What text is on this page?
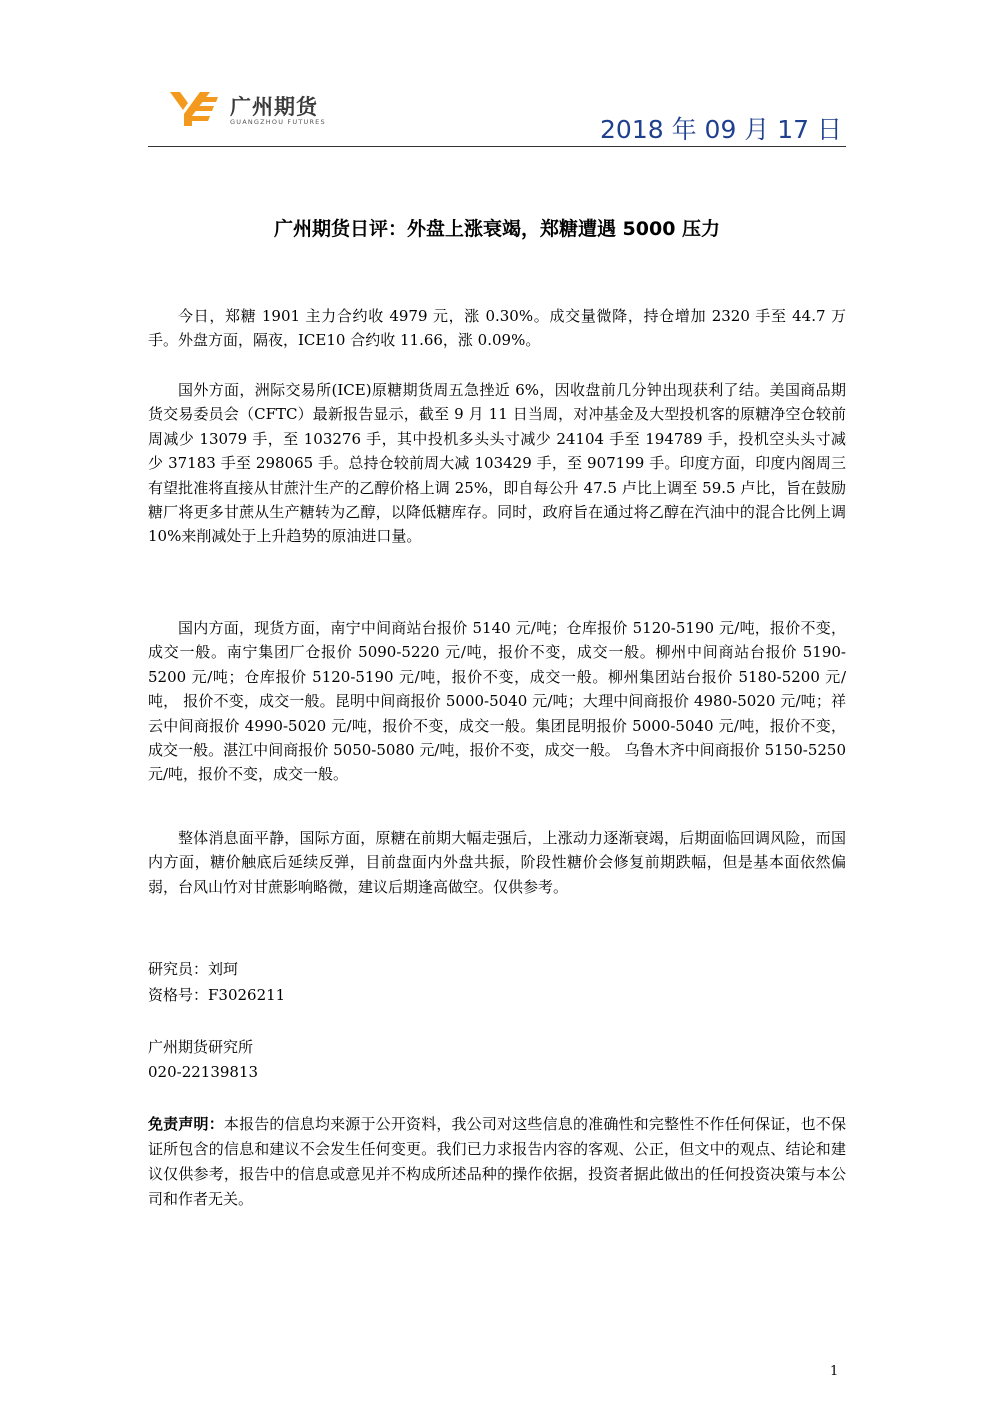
广州期货
GUANGZHOU FUTURES	2018 年 09 月 17 日
广州期货日评：外盘上涨衰竭，郑糖遭遇 5000 压力

今日，郑糖 1901 主力合约收 4979 元，涨 0.30%。成交量微降，持仓增加 2320 手至 44.7 万手。外盘方面，隔夜，ICE10 合约收 11.66，涨 0.09%。

国外方面，洲际交易所(ICE)原糖期货周五急挫近 6%，因收盘前几分钟出现获利了结。美国商品期货交易委员会（CFTC）最新报告显示，截至 9 月 11 日当周，对冲基金及大型投机客的原糖净空仓较前周减少 13079 手，至 103276 手，其中投机多头头寸减少 24104 手至 194789 手，投机空头头寸减少 37183 手至 298065 手。总持仓较前周大减 103429 手，至 907199 手。印度方面，印度内阁周三有望批准将直接从甘蔗汁生产的乙醇价格上调 25%，即自每公升 47.5 卢比上调至 59.5 卢比，旨在鼓励糖厂将更多甘蔗从生产糖转为乙醇，以降低糖库存。同时，政府旨在通过将乙醇在汽油中的混合比例上调 10%来削减处于上升趋势的原油进口量。

国内方面，现货方面，南宁中间商站台报价 5140 元/吨；仓库报价 5120-5190 元/吨，报价不变，成交一般。南宁集团厂仓报价 5090-5220 元/吨，报价不变，成交一般。柳州中间商站台报价 5190-5200 元/吨；仓库报价 5120-5190 元/吨，报价不变，成交一般。柳州集团站台报价 5180-5200 元/吨， 报价不变，成交一般。昆明中间商报价 5000-5040 元/吨；大理中间商报价 4980-5020 元/吨；祥云中间商报价 4990-5020 元/吨，报价不变，成交一般。集团昆明报价 5000-5040 元/吨，报价不变，成交一般。湛江中间商报价 5050-5080 元/吨，报价不变，成交一般。 乌鲁木齐中间商报价 5150-5250 元/吨，报价不变，成交一般。

整体消息面平静，国际方面，原糖在前期大幅走强后，上涨动力逐渐衰竭，后期面临回调风险，而国内方面，糖价触底后延续反弹，目前盘面内外盘共振，阶段性糖价会修复前期跌幅，但是基本面依然偏弱，台风山竹对甘蔗影响略微，建议后期逢高做空。仅供参考。

研究员：刘珂
资格号：F3026211
广州期货研究所
020-22139813

免责声明：本报告的信息均来源于公开资料，我公司对这些信息的准确性和完整性不作任何保证，也不保证所包含的信息和建议不会发生任何变更。我们已力求报告内容的客观、公正，但文中的观点、结论和建议仅供参考，报告中的信息或意见并不构成所述品种的操作依据，投资者据此做出的任何投资决策与本公司和作者无关。

1
